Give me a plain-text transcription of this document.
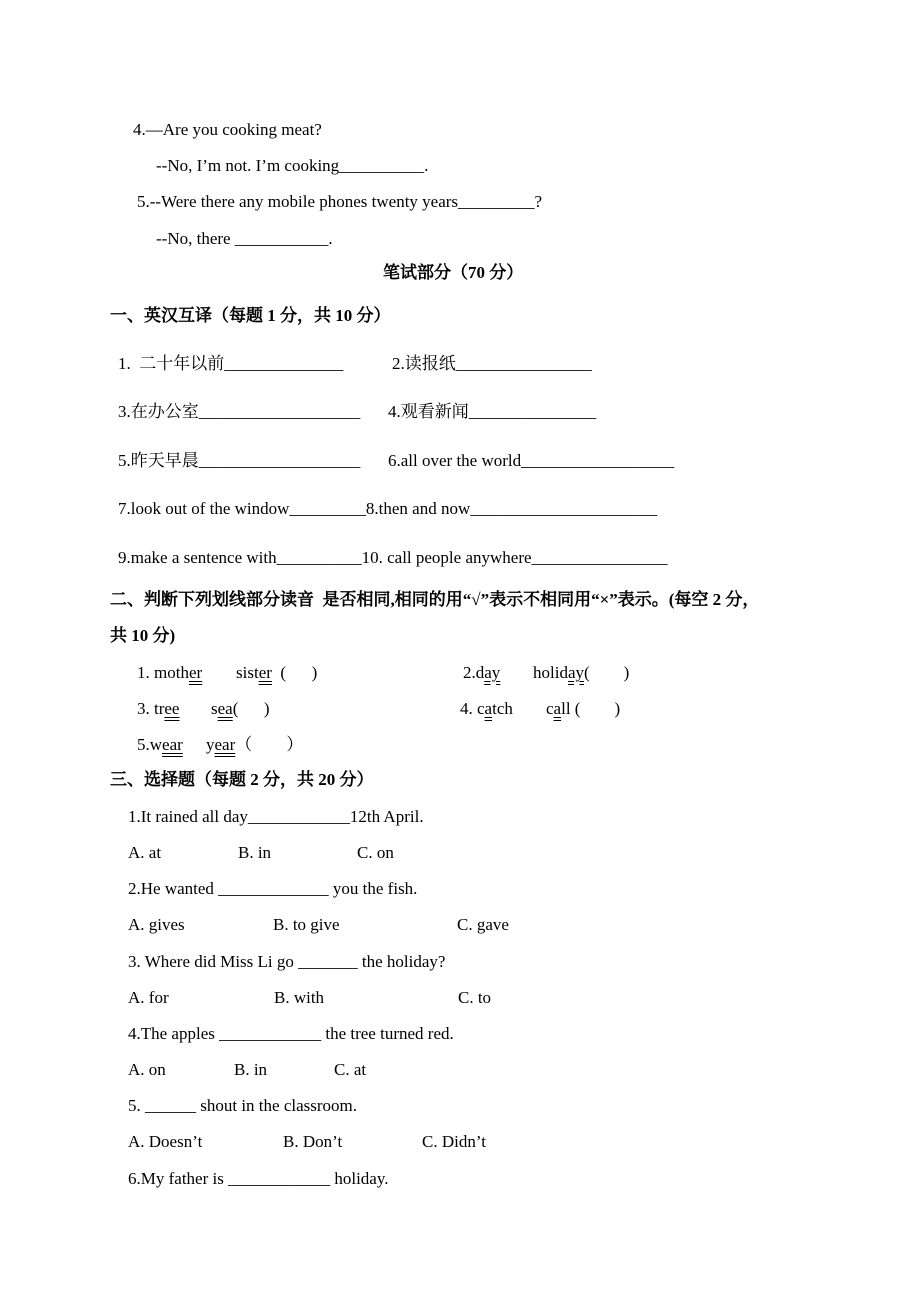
4.—Are you cooking meat?
--No, I’m not. I’m cooking__________.
5.--Were there any mobile phones twenty years_________?
--No, there ___________.
笔试部分（70 分）
一、英汉互译（每题 1 分，共 10 分）
1.  二十年以前______________	2.读报纸________________
3.在办公室___________________ 4.观看新闻_______________
5.昨天早晨___________________ 6.all over the world__________________
7.look out of the window_________8.then and now______________________
9.make a sentence with__________10. call people anywhere________________
二、判断下列划线部分读音  是否相同,相同的用“√”表示不相同用“×”表示。(每空 2 分，
共 10 分)
三、选择题（每题 2 分，共 20 分）
1. mother sister  (      )	2.day holiday(        )
3. tree sea(      )	4. catch call (        )
5.wear year（        ）
1.It rained all day____________12th April.
A. at	B. in	C. on
2.He wanted _____________ you the fish.
A. gives	B. to give	C. gave
3. Where did Miss Li go _______ the holiday?
A. for	B. with	C. to
4.The apples ____________ the tree turned red.
A. on	B. in	C. at
5. ______ shout in the classroom.
A. Doesn’t	B. Don’t	C. Didn’t
6.My father is ____________ holiday.
